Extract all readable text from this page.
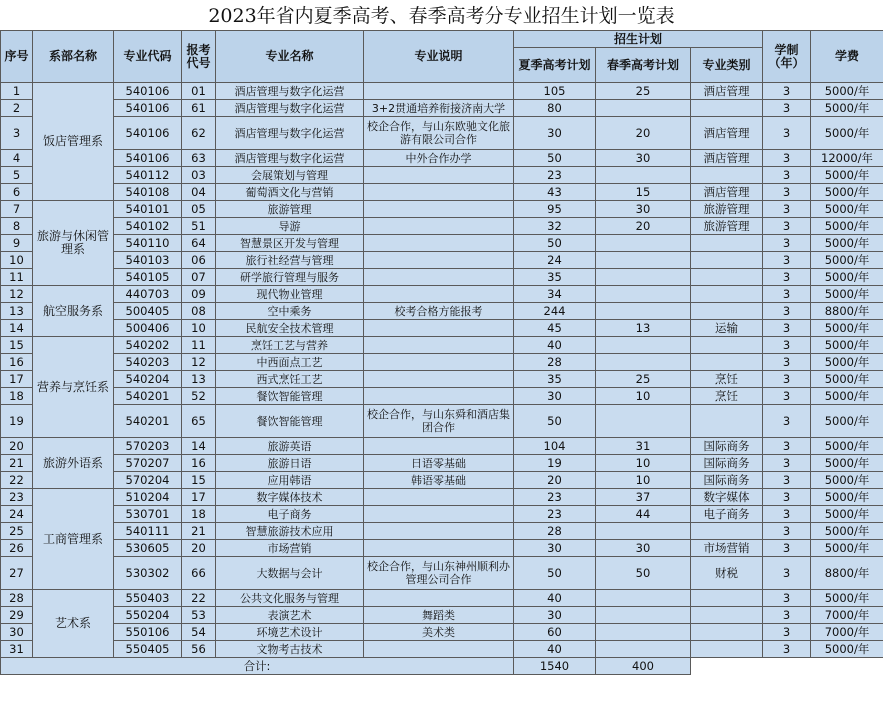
2023年省内夏季高考、春季高考分专业招生计划一览表
序号	系部名称	专业代码	报考代号	专业名称	专业说明	招生计划			学制（年）	学费
						夏季高考计划	春季高考计划	专业类别		
1	饭店管理系	540106	01	酒店管理与数字化运营		105	25	酒店管理	3	5000/年
2		540106	61	酒店管理与数字化运营	3+2贯通培养衔接济南大学	80			3	5000/年
3		540106	62	酒店管理与数字化运营	校企合作，与山东欧驰文化旅游有限公司合作	30	20	酒店管理	3	5000/年
4		540106	63	酒店管理与数字化运营	中外合作办学	50	30	酒店管理	3	12000/年
5		540112	03	会展策划与管理		23			3	5000/年
6		540108	04	葡萄酒文化与营销		43	15	酒店管理	3	5000/年
7	旅游与休闲管理系	540101	05	旅游管理		95	30	旅游管理	3	5000/年
8		540102	51	导游		32	20	旅游管理	3	5000/年
9		540110	64	智慧景区开发与管理		50			3	5000/年
10		540103	06	旅行社经营与管理		24			3	5000/年
11		540105	07	研学旅行管理与服务		35			3	5000/年
12	航空服务系	440703	09	现代物业管理		34			3	5000/年
13		500405	08	空中乘务	校考合格方能报考	244			3	8800/年
14		500406	10	民航安全技术管理		45	13	运输	3	5000/年
15	营养与烹饪系	540202	11	烹饪工艺与营养		40			3	5000/年
16		540203	12	中西面点工艺		28			3	5000/年
17		540204	13	西式烹饪工艺		35	25	烹饪	3	5000/年
18		540201	52	餐饮智能管理		30	10	烹饪	3	5000/年
19		540201	65	餐饮智能管理	校企合作，与山东舜和酒店集团合作	50			3	5000/年
20	旅游外语系	570203	14	旅游英语		104	31	国际商务	3	5000/年
21		570207	16	旅游日语	日语零基础	19	10	国际商务	3	5000/年
22		570204	15	应用韩语	韩语零基础	20	10	国际商务	3	5000/年
23	工商管理系	510204	17	数字媒体技术		23	37	数字媒体	3	5000/年
24		530701	18	电子商务		23	44	电子商务	3	5000/年
25		540111	21	智慧旅游技术应用		28			3	5000/年
26		530605	20	市场营销		30	30	市场营销	3	5000/年
27		530302	66	大数据与会计	校企合作，与山东神州顺利办管理公司合作	50	50	财税	3	8800/年
28	艺术系	550403	22	公共文化服务与管理		40			3	5000/年
29		550204	53	表演艺术	舞蹈类	30			3	7000/年
30		550106	54	环境艺术设计	美术类	60			3	7000/年
31		550405	56	文物考古技术		40			3	5000/年
合计:						1540	400			
